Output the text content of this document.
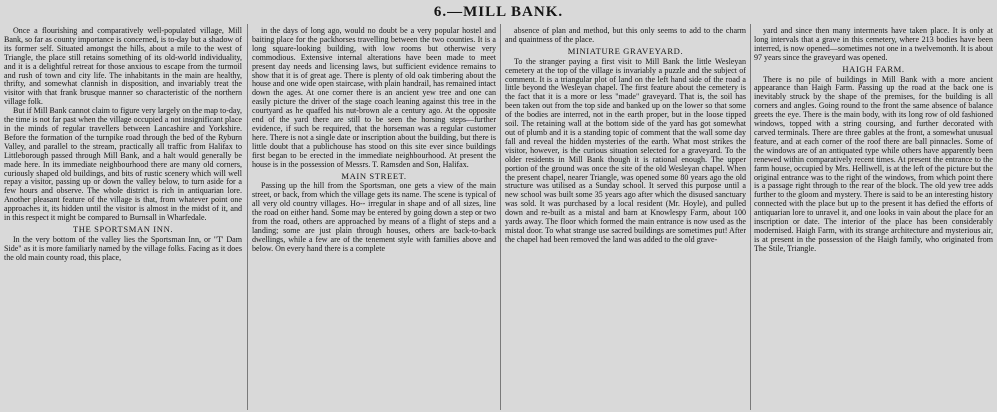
6.—MILL BANK.

Once a flourishing and comparatively well-populated village, Mill Bank, so far as county importance is concerned, is to-day but a shadow of its former self. Situated amongst the hills, about a mile to the west of Triangle, the place still retains something of its old-world individuality, and it is a delightful retreat for those anxious to escape from the turmoil and rush of town and city life. The inhabitants in the main are healthy, thrifty, and somewhat clannish in disposition, and invariably treat the visitor with that frank brusque manner so characteristic of the northern village folk.

But if Mill Bank cannot claim to figure very largely on the map to-day, the time is not far past when the village occupied a not insignificant place in the minds of regular travellers between Lancashire and Yorkshire. Before the formation of the turnpike road through the bed of the Ryburn Valley, and parallel to the stream, practically all traffic from Halifax to Littleborough passed through Mill Bank, and a halt would generally be made here. In its immediate neighbourhood there are many old corners, curiously shaped old buildings, and bits of rustic scenery which will well repay a visitor, passing up or down the valley below, to turn aside for a few hours and observe. The whole district is rich in antiquarian lore. Another pleasant feature of the village is that, from whatever point one approaches it, its hidden until the visitor is almost in the midst of it, and in this respect it might be compared to Burnsall in Wharfedale.

THE SPORTSMAN INN.

In the very bottom of the valley lies the Sportsman Inn, or "T' Dam Side" as it is more familiarly named by the village folks. Facing as it does the old main county road, this place,

in the days of long ago, would no doubt be a very popular hostel and baiting place for the packhorses travelling between the two counties. It is a long square-looking building, with low rooms but otherwise very commodious. Extensive internal alterations have been made to meet present day needs and licensing laws, but sufficient evidence remains to show that it is of great age. There is plenty of old oak timbering about the house and one wide open staircase, with plain handrail, has remained intact down the ages. At one corner there is an ancient yew tree and one can easily picture the driver of the stage coach leaning against this tree in the courtyard as he quaffed his nut-brown ale a century ago. At the opposite end of the yard there are still to be seen the horsing steps—further evidence, if such be required, that the horseman was a regular customer here. There is not a single date or inscription about the building, but there is little doubt that a publichouse has stood on this site ever since buildings first began to be erected in the immediate neighbourhood. At present the house is in the possession of Messrs. T. Ramsden and Son, Halifax.

MAIN STREET.

Passing up the hill from the Sportsman, one gets a view of the main street, or back, from which the village gets its name. The scene is typical of all very old country villages. Ho-- irregular in shape and of all sizes, line the road on either hand. Some may be entered by going down a step or two from the road, others are approached by means of a flight of steps and a landing; some are just plain through houses, others are back-to-back dwellings, while a few are of the tenement style with families above and below. On every hand there is a complete

absence of plan and method, but this only seems to add to the charm and quaintness of the place.

MINIATURE GRAVEYARD.

To the stranger paying a first visit to Mill Bank the little Wesleyan cemetery at the top of the village is invariably a puzzle and the subject of comment. It is a triangular plot of land on the left hand side of the road a little beyond the Wesleyan chapel. The first feature about the cemetery is the fact that it is a more or less "made" graveyard. That is, the soil has been taken out from the top side and banked up on the lower so that some of the bodies are interred, not in the earth proper, but in the loose tipped soil. The retaining wall at the bottom side of the yard has got somewhat out of plumb and it is a standing topic of comment that the wall some day fall and reveal the hidden mysteries of the earth. What most strikes the visitor, however, is the curious situation selected for a graveyard. To the older residents in Mill Bank though it is rational enough. The upper portion of the ground was once the site of the old Wesleyan chapel. When the present chapel, nearer Triangle, was opened some 80 years ago the old structure was utilised as a Sunday school. It served this purpose until a new school was built some 35 years ago after which the disused sanctuary was sold. It was purchased by a local resident (Mr. Hoyle), and pulled down and re-built as a mistal and barn at Knowlespy Farm, about 100 yards away. The floor which formed the main entrance is now used as the mistal door. To what strange use sacred buildings are sometimes put! After the chapel had been removed the land was added to the old grave-

yard and since then many interments have taken place. It is only at long intervals that a grave in this cemetery, where 213 bodies have been interred, is now opened—sometimes not one in a twelvemonth. It is about 97 years since the graveyard was opened.

HAIGH FARM.

There is no pile of buildings in Mill Bank with a more ancient appearance than Haigh Farm. Passing up the road at the back one is inevitably struck by the shape of the premises, for the building is all corners and angles. Going round to the front the same absence of balance greets the eye. There is the main body, with its long row of old fashioned windows, topped with a string coursing, and further decorated with carved terminals. There are three gables at the front, a somewhat unusual feature, and at each corner of the roof there are ball pinnacles. Some of the windows are of an antiquated type while others have apparently been renewed within comparatively recent times. At present the entrance to the farm house, occupied by Mrs. Helliwell, is at the left of the picture but the original entrance was to the right of the windows, from which point there is a passage right through to the rear of the block. The old yew tree adds further to the gloom and mystery. There is said to be an interesting history connected with the place but up to the present it has defied the efforts of antiquarian lore to unravel it, and one looks in vain about the place for an inscription or date. The interior of the place has been considerably modernised. Haigh Farm, with its strange architecture and mysterious air, is at present in the possession of the Haigh family, who originated from The Stile, Triangle.
